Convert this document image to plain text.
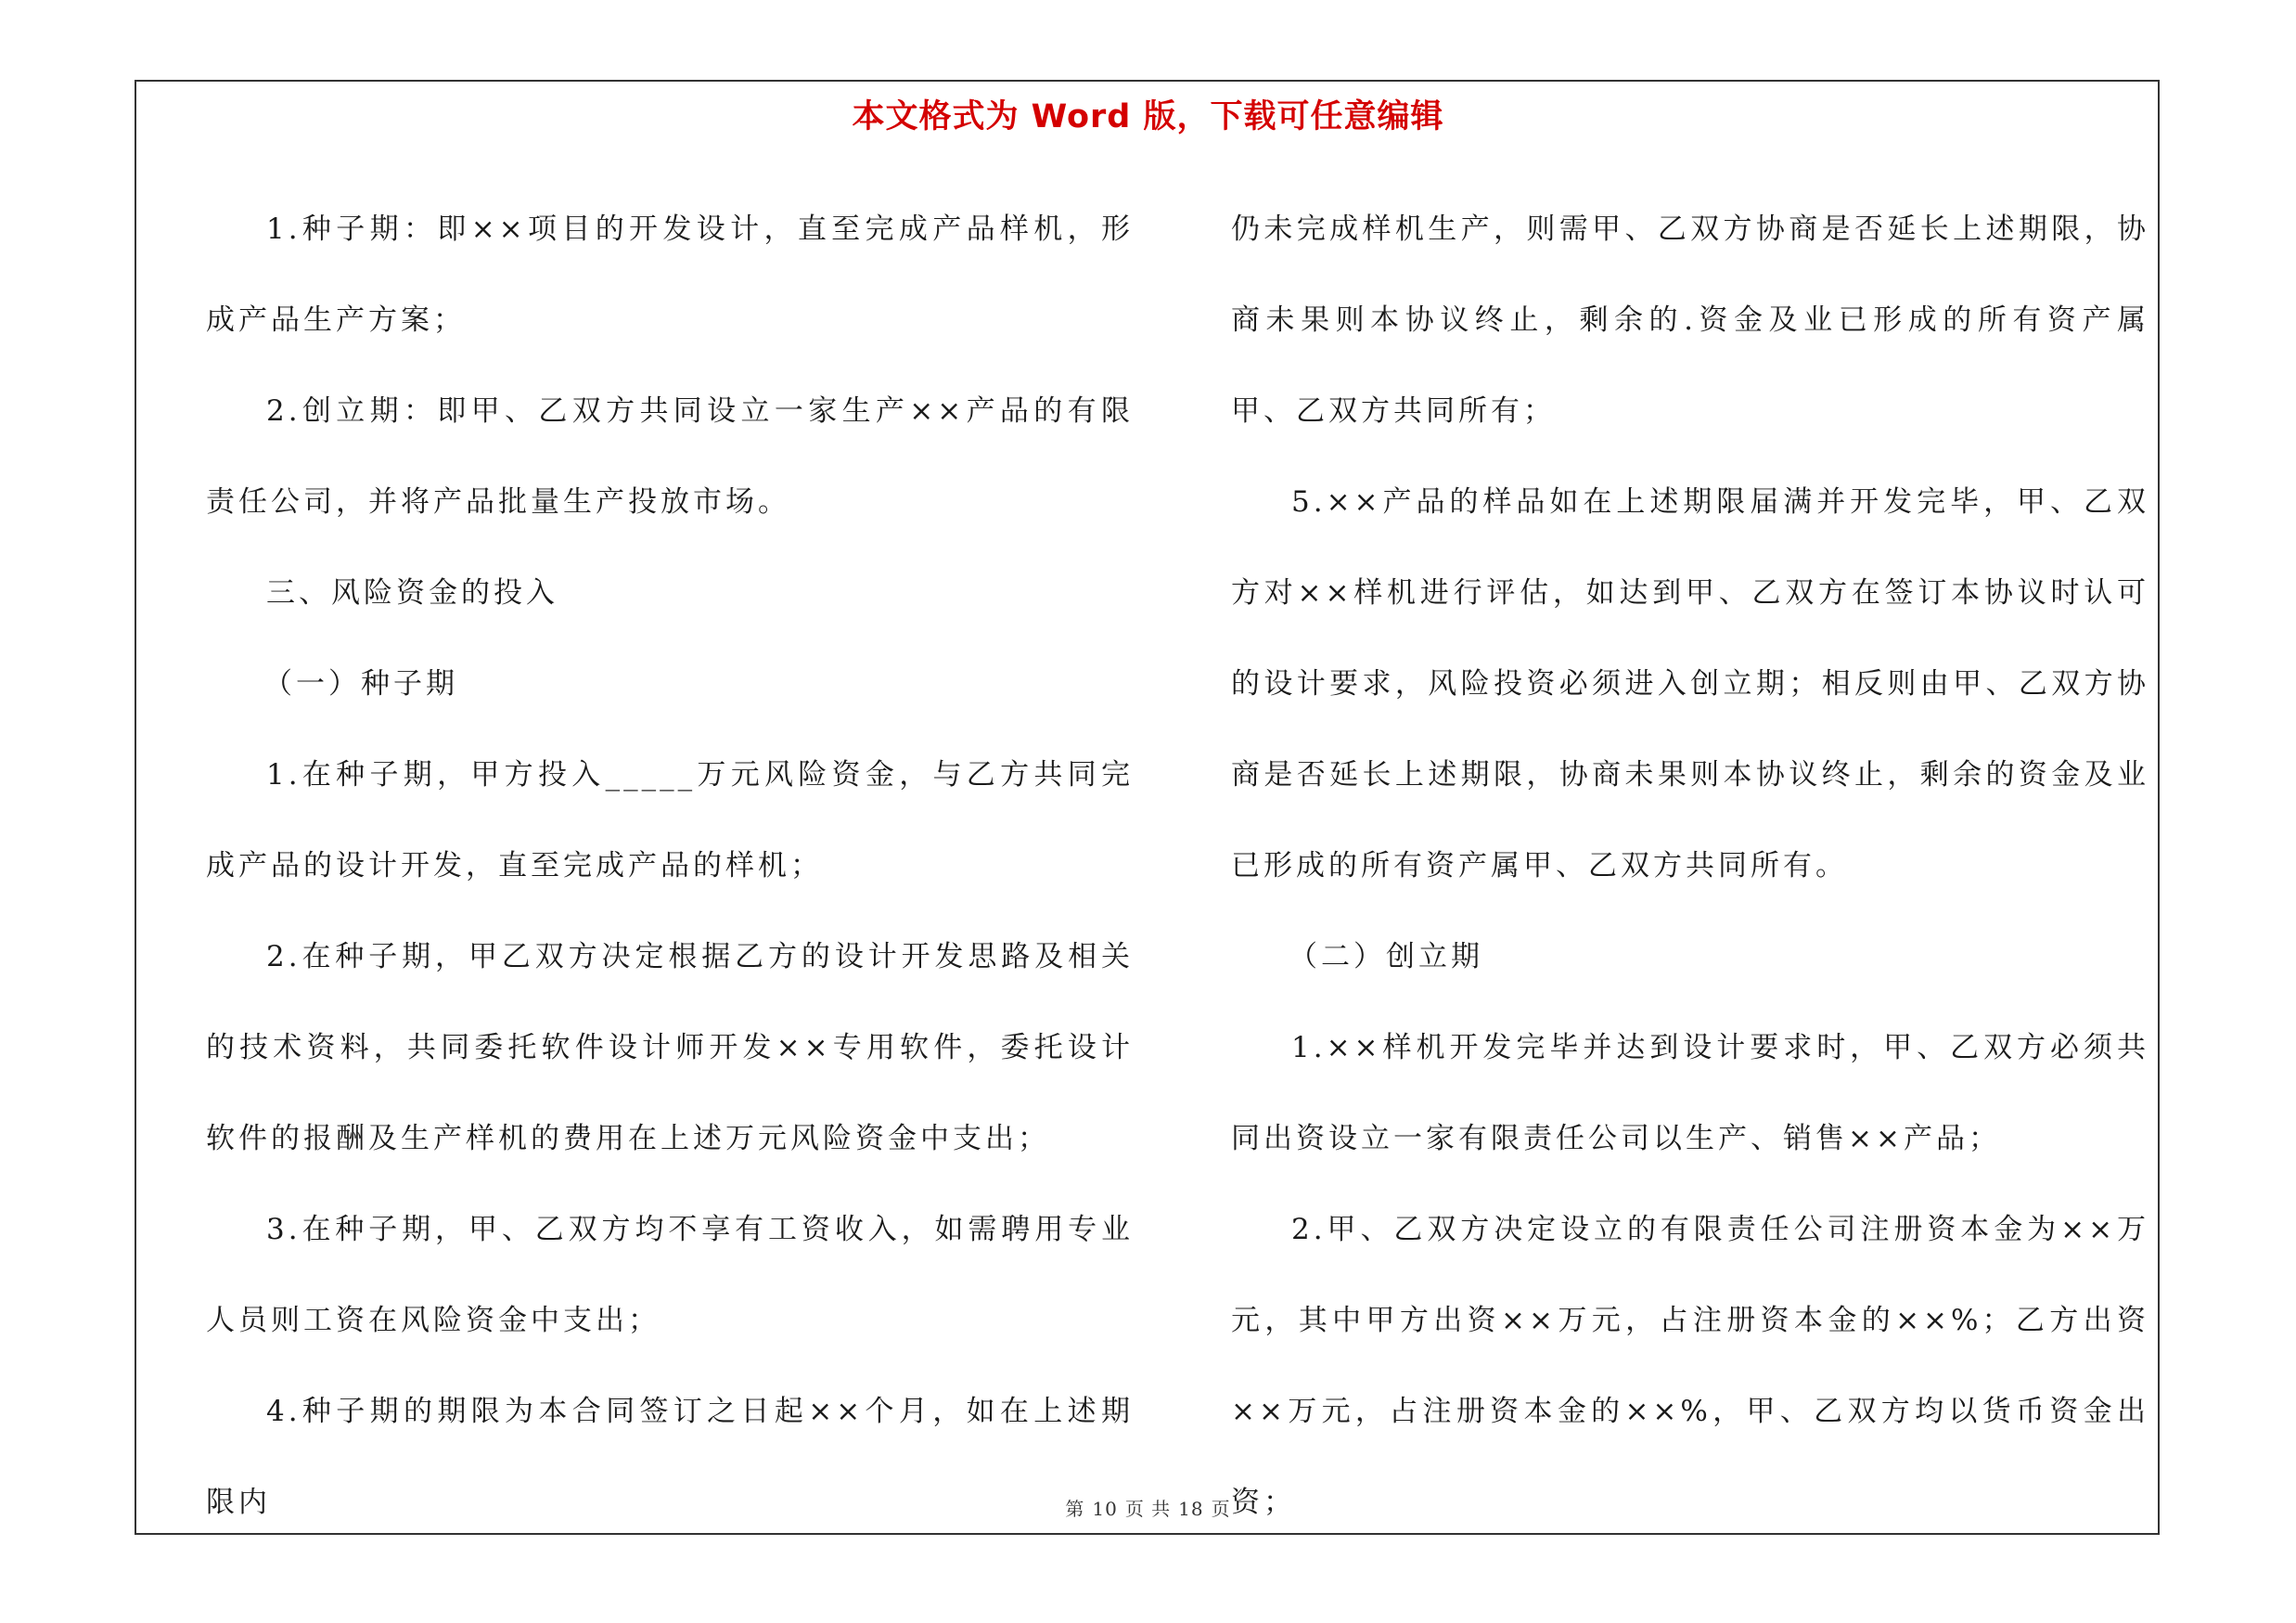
本文格式为 Word 版，下载可任意编辑

1.种子期：即××项目的开发设计，直至完成产品样机，形成产品生产方案；

2.创立期：即甲、乙双方共同设立一家生产××产品的有限责任公司，并将产品批量生产投放市场。

三、风险资金的投入

（一）种子期

1.在种子期，甲方投入_____万元风险资金，与乙方共同完成产品的设计开发，直至完成产品的样机；

2.在种子期，甲乙双方决定根据乙方的设计开发思路及相关的技术资料，共同委托软件设计师开发××专用软件，委托设计软件的报酬及生产样机的费用在上述万元风险资金中支出；

3.在种子期，甲、乙双方均不享有工资收入，如需聘用专业人员则工资在风险资金中支出；

4.种子期的期限为本合同签订之日起××个月，如在上述期限内

仍未完成样机生产，则需甲、乙双方协商是否延长上述期限，协商未果则本协议终止，剩余的.资金及业已形成的所有资产属甲、乙双方共同所有；

5.××产品的样品如在上述期限届满并开发完毕，甲、乙双方对××样机进行评估，如达到甲、乙双方在签订本协议时认可的设计要求，风险投资必须进入创立期；相反则由甲、乙双方协商是否延长上述期限，协商未果则本协议终止，剩余的资金及业已形成的所有资产属甲、乙双方共同所有。

（二）创立期

1.××样机开发完毕并达到设计要求时，甲、乙双方必须共同出资设立一家有限责任公司以生产、销售××产品；

2.甲、乙双方决定设立的有限责任公司注册资本金为××万元，其中甲方出资××万元，占注册资本金的××%；乙方出资××万元，占注册资本金的××%，甲、乙双方均以货币资金出资；

第 10 页 共 18 页
